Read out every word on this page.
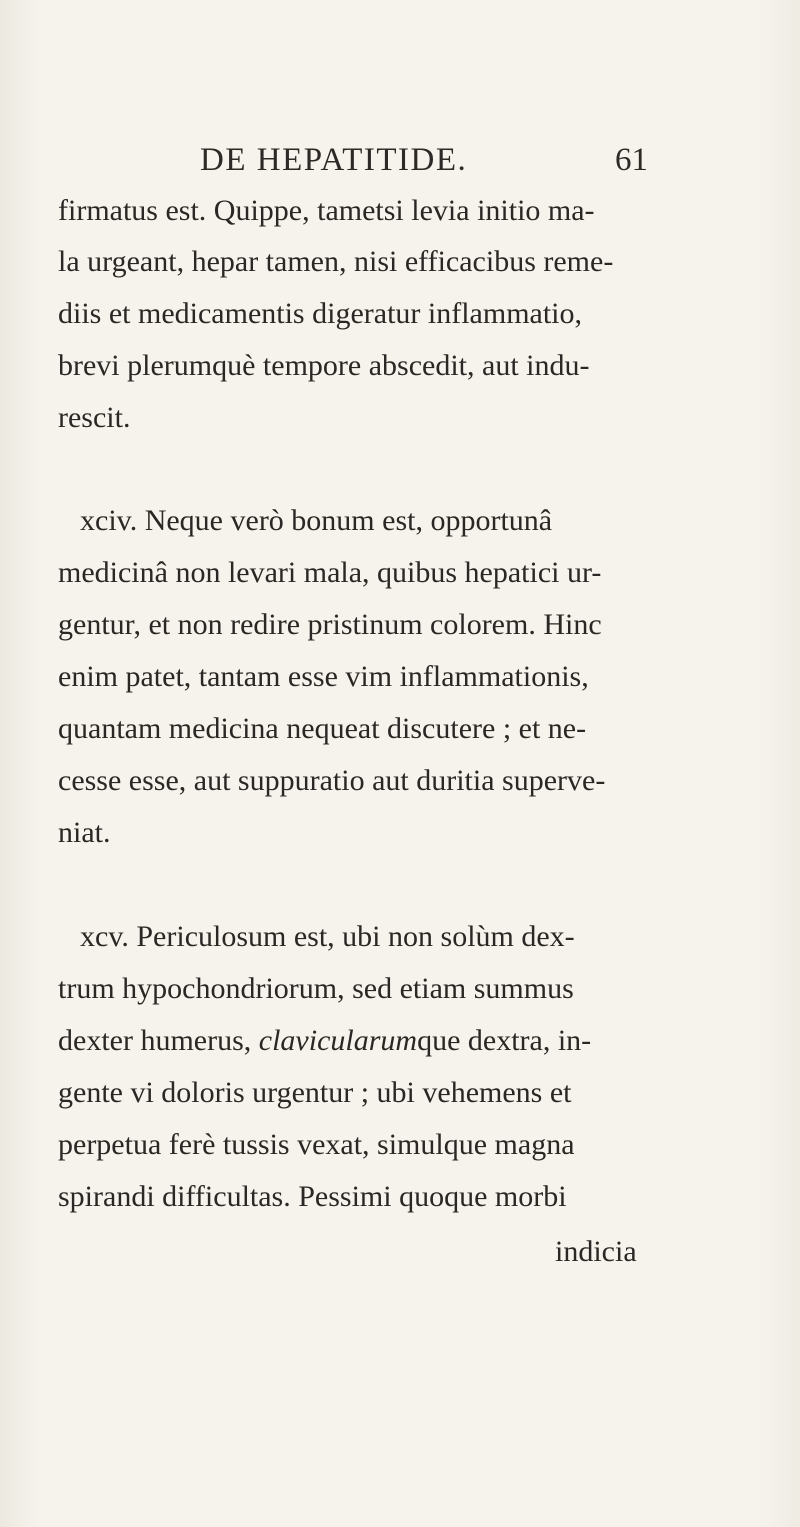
DE HEPATITIDE.	61
firmatus est. Quippe, tametsi levia initio ma-
la urgeant, hepar tamen, nisi efficacibus reme-
diis et medicamentis digeratur inflammatio,
brevi plerumquè tempore abscedit, aut indu-
rescit.
xciv. Neque verò bonum est, opportunâ
medicinâ non levari mala, quibus hepatici ur-
gentur, et non redire pristinum colorem. Hinc
enim patet, tantam esse vim inflammationis,
quantam medicina nequeat discutere ; et ne-
cesse esse, aut suppuratio aut duritia superve-
niat.
xcv. Periculosum est, ubi non solùm dex-
trum hypochondriorum, sed etiam summus
dexter humerus, clavicularumque dextra, in-
gente vi doloris urgentur ; ubi vehemens et
perpetua ferè tussis vexat, simulque magna
spirandi difficultas. Pessimi quoque morbi
indicia
